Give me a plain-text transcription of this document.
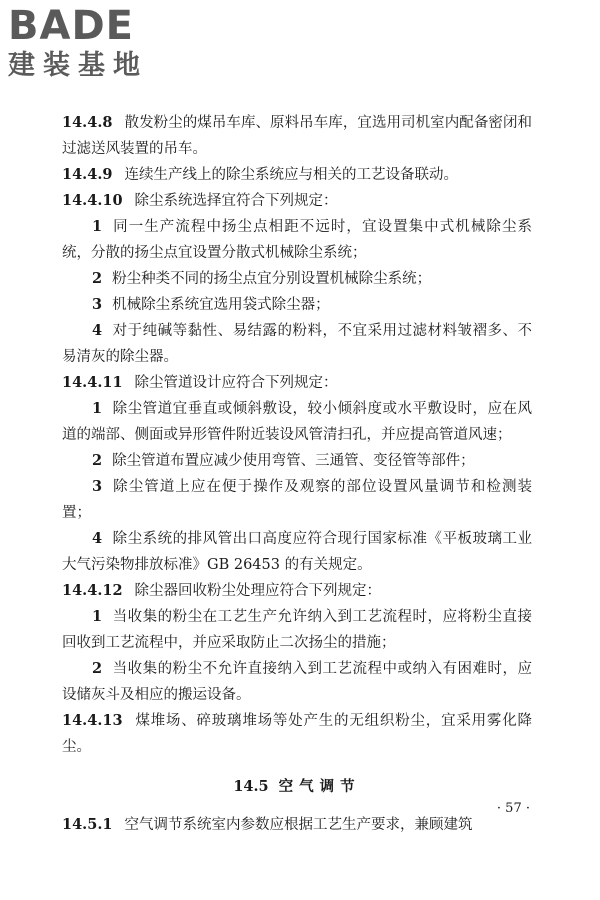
BADE
建装基地

14.4.8 散发粉尘的煤吊车库、原料吊车库，宜选用司机室内配备密闭和过滤送风装置的吊车。

14.4.9 连续生产线上的除尘系统应与相关的工艺设备联动。

14.4.10 除尘系统选择宜符合下列规定：

1 同一生产流程中扬尘点相距不远时，宜设置集中式机械除尘系统，分散的扬尘点宜设置分散式机械除尘系统；

2 粉尘种类不同的扬尘点宜分别设置机械除尘系统；

3 机械除尘系统宜选用袋式除尘器；

4 对于纯碱等黏性、易结露的粉料，不宜采用过滤材料皱褶多、不易清灰的除尘器。

14.4.11 除尘管道设计应符合下列规定：

1 除尘管道宜垂直或倾斜敷设，较小倾斜度或水平敷设时，应在风道的端部、侧面或异形管件附近装设风管清扫孔，并应提高管道风速；

2 除尘管道布置应减少使用弯管、三通管、变径管等部件；

3 除尘管道上应在便于操作及观察的部位设置风量调节和检测装置；

4 除尘系统的排风管出口高度应符合现行国家标准《平板玻璃工业大气污染物排放标准》GB 26453 的有关规定。

14.4.12 除尘器回收粉尘处理应符合下列规定：

1 当收集的粉尘在工艺生产允许纳入到工艺流程时，应将粉尘直接回收到工艺流程中，并应采取防止二次扬尘的措施；

2 当收集的粉尘不允许直接纳入到工艺流程中或纳入有困难时，应设储灰斗及相应的搬运设备。

14.4.13 煤堆场、碎玻璃堆场等处产生的无组织粉尘，宜采用雾化降尘。

14.5 空气调节

14.5.1 空气调节系统室内参数应根据工艺生产要求，兼顾建筑

· 57 ·
